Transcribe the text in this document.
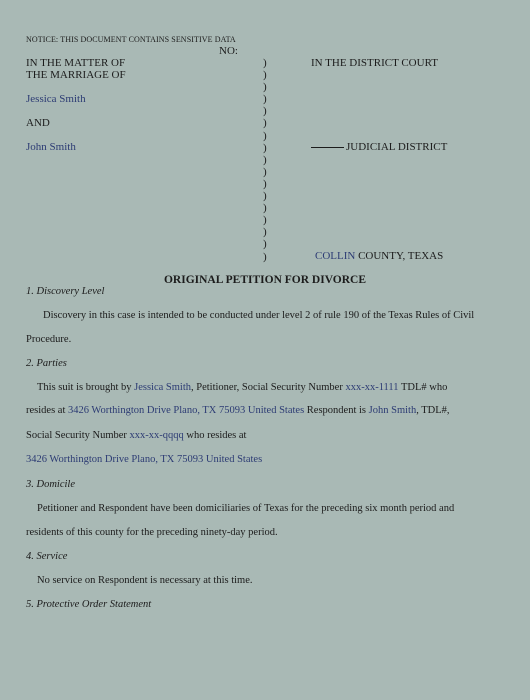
NOTICE: THIS DOCUMENT CONTAINS SENSITIVE DATA
NO:
IN THE MATTER OF
THE MARRIAGE OF
Jessica Smith
AND
John Smith
)
)
)
)
)
)
)
)
)
)
)
)
)
)
)
)
)
IN THE DISTRICT COURT
JUDICIAL DISTRICT
COLLIN COUNTY, TEXAS
ORIGINAL PETITION FOR DIVORCE
1. Discovery Level
Discovery in this case is intended to be conducted under level 2 of rule 190 of the Texas Rules of Civil
Procedure.
2. Parties
This suit is brought by Jessica Smith, Petitioner, Social Security Number xxx-xx-1111 TDL# who
resides at 3426 Worthington Drive Plano, TX 75093 United States Respondent is John Smith, TDL#,
Social Security Number xxx-xx-qqqq who resides at
3426 Worthington Drive Plano, TX 75093 United States
3. Domicile
Petitioner and Respondent have been domiciliaries of Texas for the preceding six month period and
residents of this county for the preceding ninety-day period.
4. Service
No service on Respondent is necessary at this time.
5. Protective Order Statement
